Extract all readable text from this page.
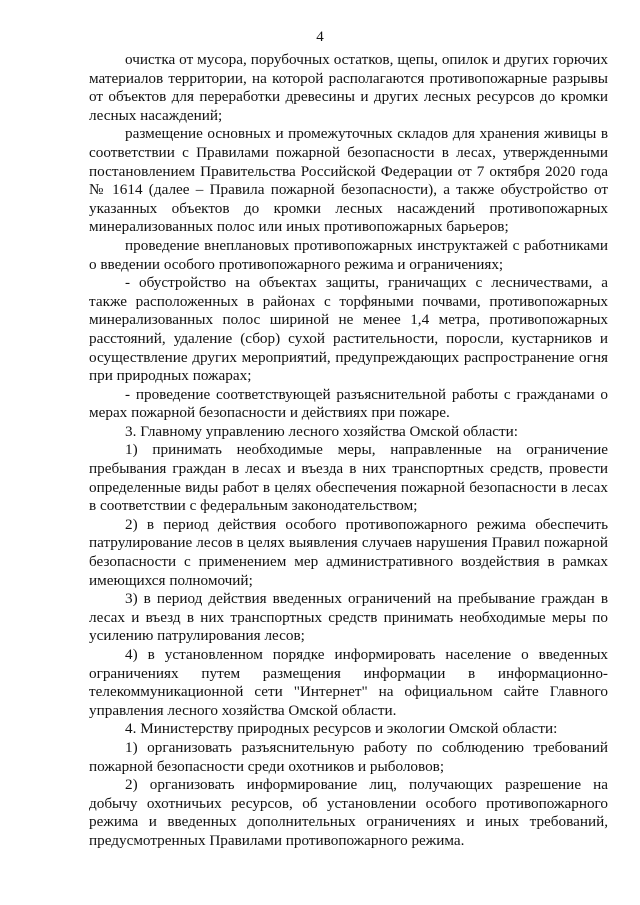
4

очистка от мусора, порубочных остатков, щепы, опилок и других горючих материалов территории, на которой располагаются противопожарные разрывы от объектов для переработки древесины и других лесных ресурсов до кромки лесных насаждений;

размещение основных и промежуточных складов для хранения живицы в соответствии с Правилами пожарной безопасности в лесах, утвержденными постановлением Правительства Российской Федерации от 7 октября 2020 года № 1614 (далее – Правила пожарной безопасности), а также обустройство от указанных объектов до кромки лесных насаждений противопожарных минерализованных полос или иных противопожарных барьеров;

проведение внеплановых противопожарных инструктажей с работниками о введении особого противопожарного режима и ограничениях;

- обустройство на объектах защиты, граничащих с лесничествами, а также расположенных в районах с торфяными почвами, противопожарных минерализованных полос шириной не менее 1,4 метра, противопожарных расстояний, удаление (сбор) сухой растительности, поросли, кустарников и осуществление других мероприятий, предупреждающих распространение огня при природных пожарах;

- проведение соответствующей разъяснительной работы с гражданами о мерах пожарной безопасности и действиях при пожаре.

3. Главному управлению лесного хозяйства Омской области:

1) принимать необходимые меры, направленные на ограничение пребывания граждан в лесах и въезда в них транспортных средств, провести определенные виды работ в целях обеспечения пожарной безопасности в лесах в соответствии с федеральным законодательством;

2) в период действия особого противопожарного режима обеспечить патрулирование лесов в целях выявления случаев нарушения Правил пожарной безопасности с применением мер административного воздействия в рамках имеющихся полномочий;

3) в период действия введенных ограничений на пребывание граждан в лесах и въезд в них транспортных средств принимать необходимые меры по усилению патрулирования лесов;

4) в установленном порядке информировать население о введенных ограничениях путем размещения информации в информационно-телекоммуникационной сети "Интернет" на официальном сайте Главного управления лесного хозяйства Омской области.

4. Министерству природных ресурсов и экологии Омской области:

1) организовать разъяснительную работу по соблюдению требований пожарной безопасности среди охотников и рыболовов;

2) организовать информирование лиц, получающих разрешение на добычу охотничьих ресурсов, об установлении особого противопожарного режима и введенных дополнительных ограничениях и иных требований, предусмотренных Правилами противопожарного режима.
